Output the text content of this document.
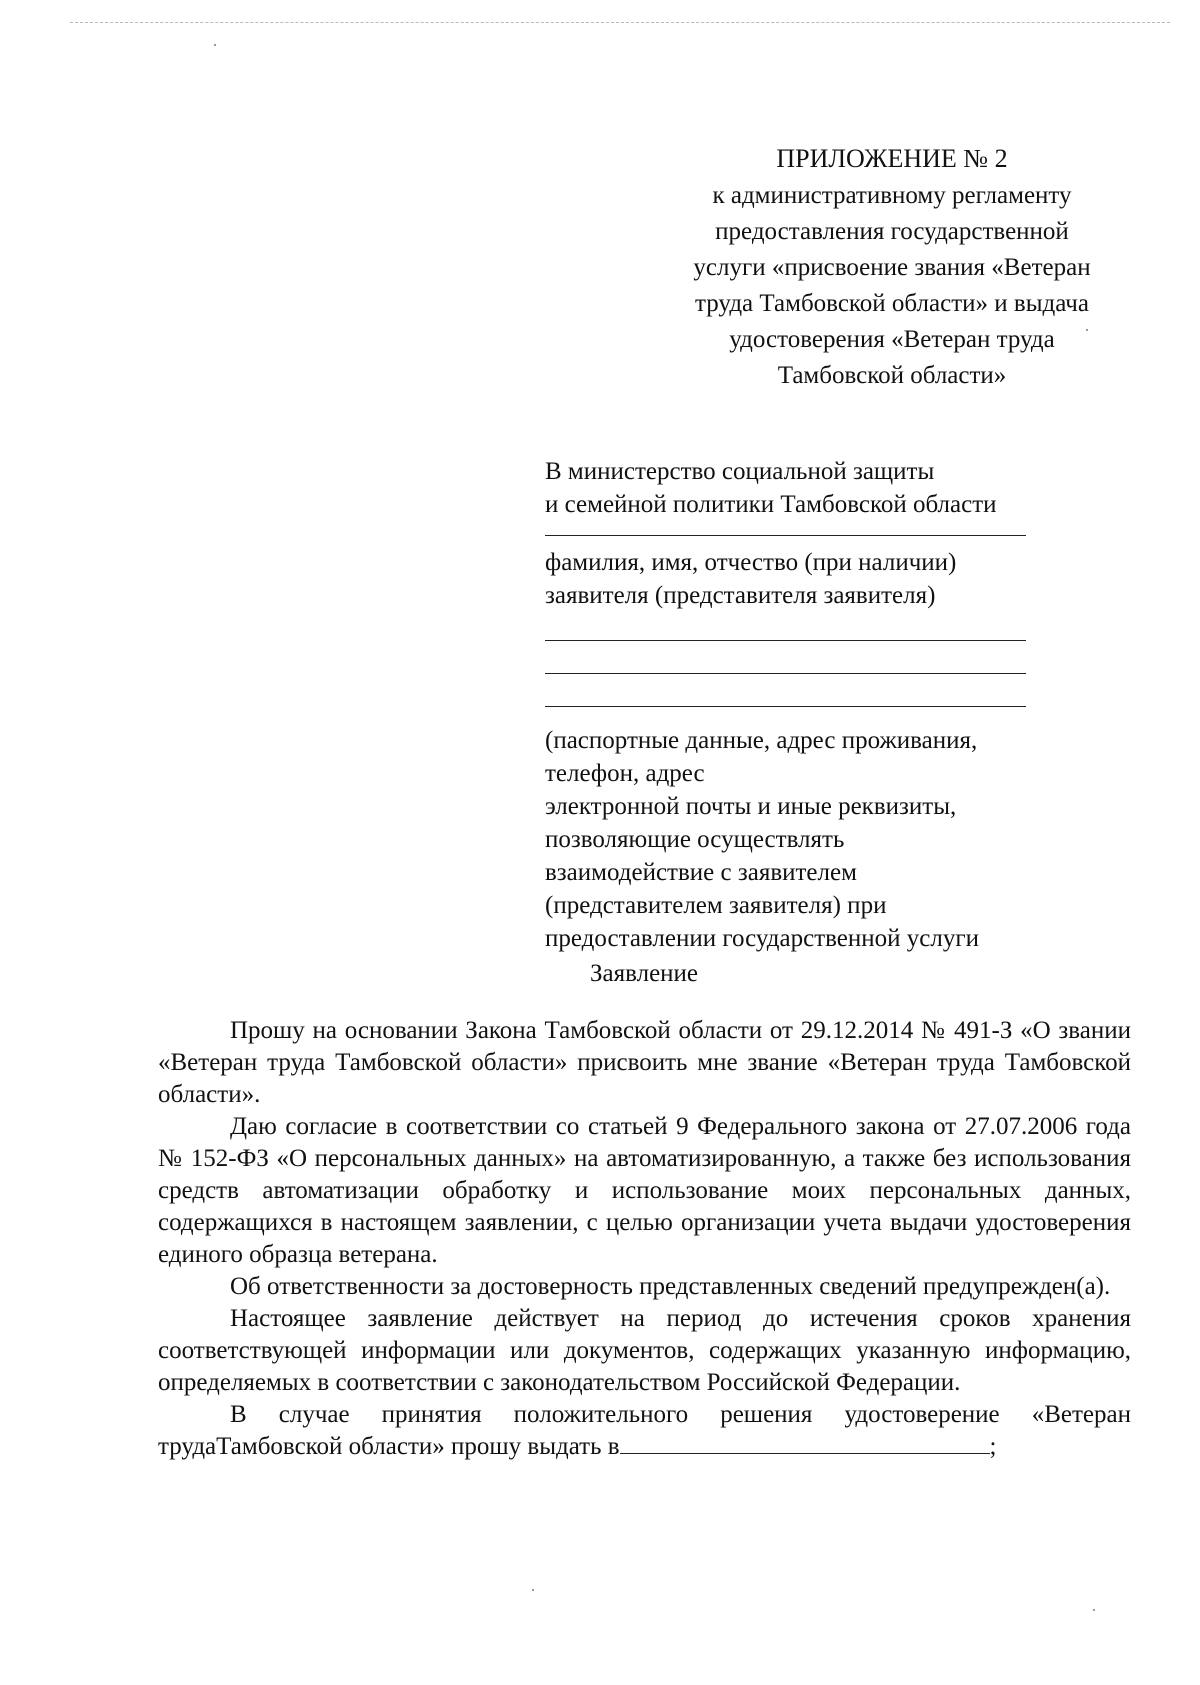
ПРИЛОЖЕНИЕ № 2
к административному регламенту
предоставления государственной
услуги «присвоение звания «Ветеран
труда Тамбовской области» и выдача
удостоверения «Ветеран труда
Тамбовской области»
В министерство социальной защиты
и семейной политики Тамбовской области
фамилия, имя, отчество (при наличии)
заявителя (представителя заявителя)
(паспортные данные, адрес проживания,
телефон, адрес
электронной почты и иные реквизиты,
позволяющие осуществлять
взаимодействие с заявителем
(представителем заявителя) при
предоставлении государственной услуги
Заявление

Прошу на основании Закона Тамбовской области от 29.12.2014 № 491-З «О звании «Ветеран труда Тамбовской области» присвоить мне звание «Ветеран труда Тамбовской области».

Даю согласие в соответствии со статьей 9 Федерального закона от 27.07.2006 года № 152-ФЗ «О персональных данных» на автоматизированную, а также без использования средств автоматизации обработку и использование моих персональных данных, содержащихся в настоящем заявлении, с целью организации учета выдачи удостоверения единого образца ветерана.

Об ответственности за достоверность представленных сведений предупрежден(а).

Настоящее заявление действует на период до истечения сроков хранения соответствующей информации или документов, содержащих указанную информацию, определяемых в соответствии с законодательством Российской Федерации.

В случае принятия положительного решения удостоверение «Ветеран трудаТамбовской области» прошу выдать в	;
